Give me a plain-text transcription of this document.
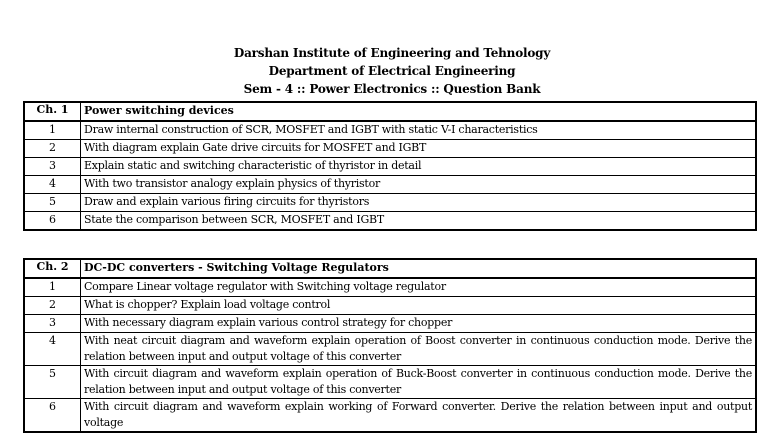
Darshan Institute of Engineering and Tehnology
Department of Electrical Engineering
Sem - 4 :: Power Electronics :: Question Bank
Ch. 1	Power switching devices
1	Draw internal construction of SCR, MOSFET and IGBT with static V-I characteristics
2	With diagram explain Gate drive circuits for MOSFET and IGBT
3	Explain static and switching characteristic of thyristor in detail
4	With two transistor analogy explain physics of thyristor
5	Draw and explain various firing circuits for thyristors
6	State the comparison between SCR, MOSFET and IGBT
Ch. 2	DC-DC converters - Switching Voltage Regulators
1	Compare Linear voltage regulator with Switching voltage regulator
2	What is chopper? Explain load voltage control
3	With necessary diagram explain various control strategy for chopper
4	With neat circuit diagram and waveform explain operation of Boost converter in continuous conduction mode. Derive the relation between input and output voltage of this converter
5	With circuit diagram and waveform explain operation of Buck-Boost converter in continuous conduction mode. Derive the relation between input and output voltage of this converter
6	With circuit diagram and waveform explain working of Forward converter. Derive the relation between input and output voltage
